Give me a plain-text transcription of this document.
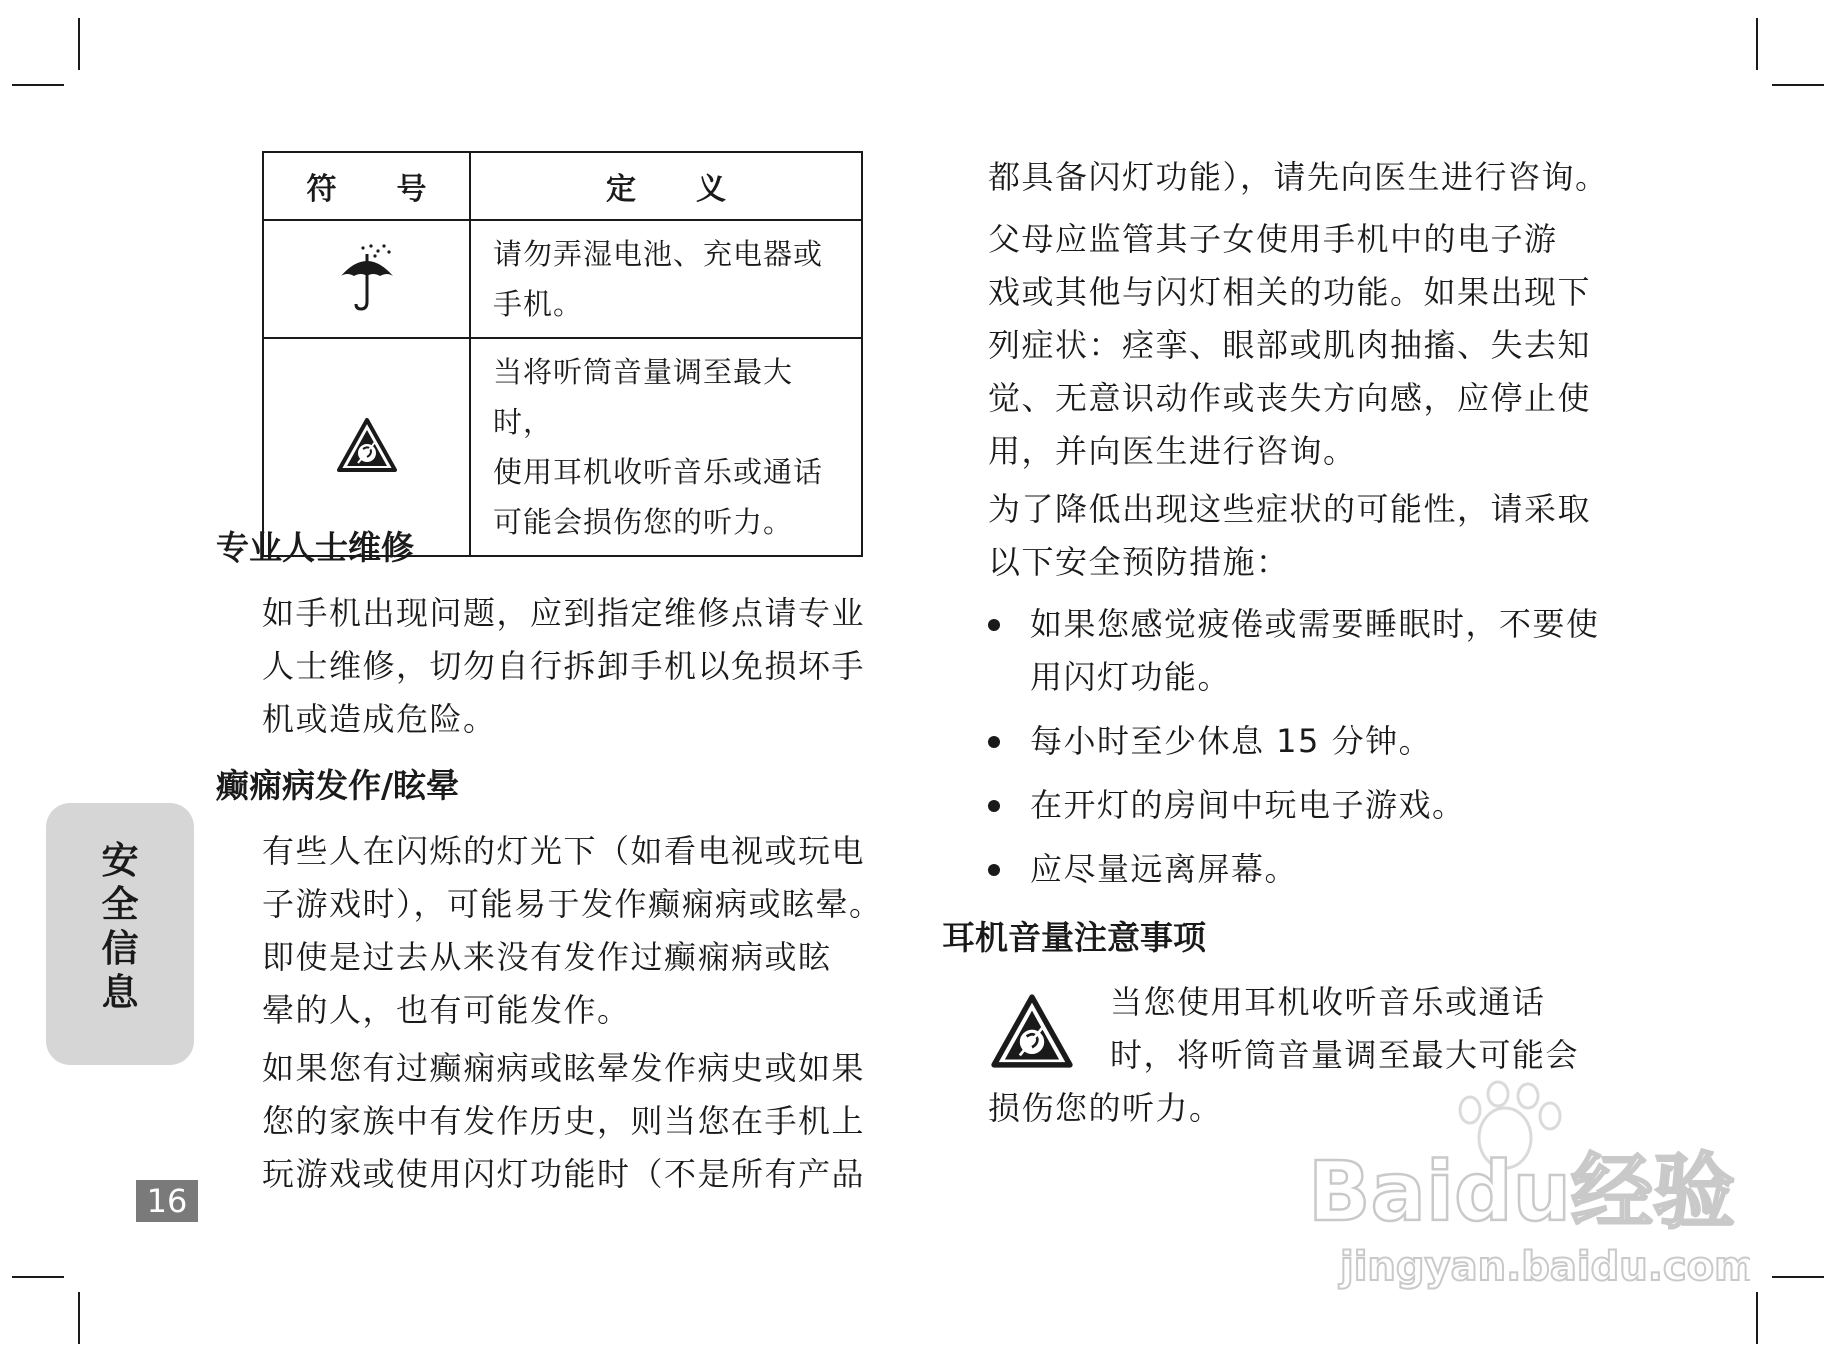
符　　号	定　　义

请勿弄湿电池、充电器或
手机。

当将听筒音量调至最大时，
使用耳机收听音乐或通话
可能会损伤您的听力。
专业人士维修
如手机出现问题，应到指定维修点请专业
人士维修，切勿自行拆卸手机以免损坏手
机或造成危险。
癫痫病发作/眩晕
有些人在闪烁的灯光下（如看电视或玩电
子游戏时），可能易于发作癫痫病或眩晕。
即使是过去从来没有发作过癫痫病或眩
晕的人，也有可能发作。
如果您有过癫痫病或眩晕发作病史或如果
您的家族中有发作历史，则当您在手机上
玩游戏或使用闪灯功能时（不是所有产品
都具备闪灯功能），请先向医生进行咨询。
父母应监管其子女使用手机中的电子游
戏或其他与闪灯相关的功能。如果出现下
列症状：痉挛、眼部或肌肉抽搐、失去知
觉、无意识动作或丧失方向感，应停止使
用，并向医生进行咨询。
为了降低出现这些症状的可能性，请采取
以下安全预防措施：
如果您感觉疲倦或需要睡眠时，不要使
用闪灯功能。
每小时至少休息 15 分钟。
在开灯的房间中玩电子游戏。
应尽量远离屏幕。
耳机音量注意事项
当您使用耳机收听音乐或通话
时，将听筒音量调至最大可能会
损伤您的听力。
安全信息
16	Baidu经验
jingyan.baidu.com
